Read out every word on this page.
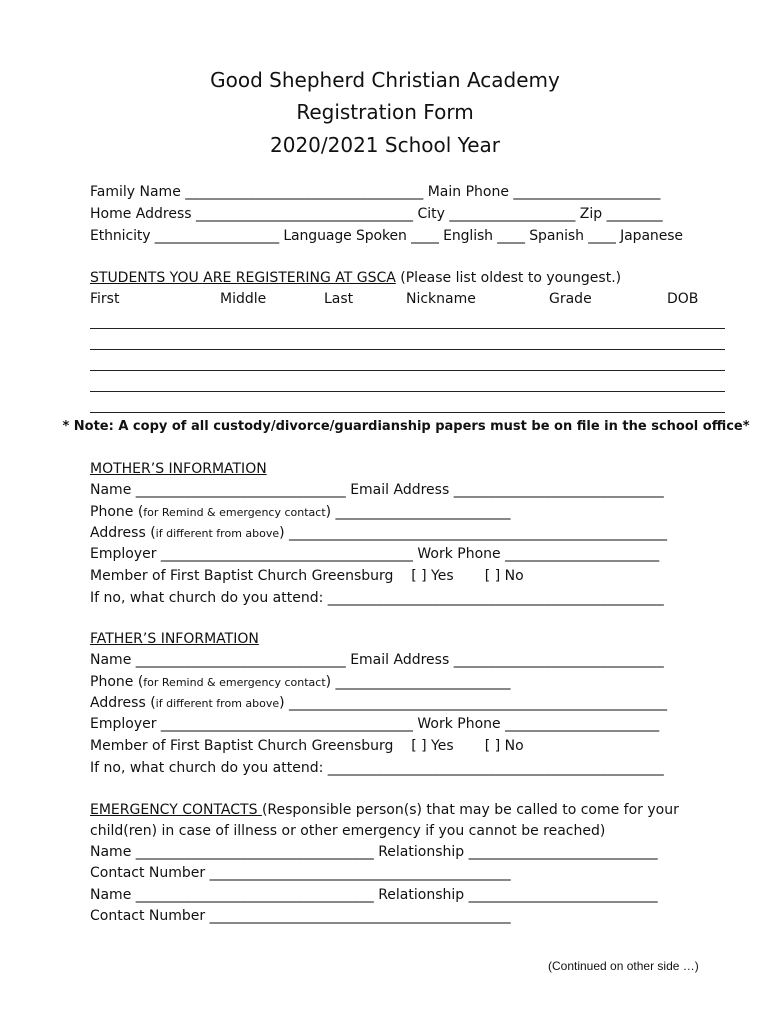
Good Shepherd Christian Academy
Registration Form
2020/2021 School Year
Family Name __________________________________ Main Phone _____________________
Home Address _______________________________ City __________________ Zip ________
Ethnicity __________________ Language Spoken ____ English ____ Spanish ____ Japanese
STUDENTS YOU ARE REGISTERING AT GSCA (Please list oldest to youngest.)
First	Middle	Last	Nickname	Grade	DOB
* Note: A copy of all custody/divorce/guardianship papers must be on file in the school office*
MOTHER’S INFORMATION
Name ______________________________ Email Address ______________________________
Phone (for Remind & emergency contact) _________________________
Address (if different from above) ______________________________________________________
Employer ____________________________________ Work Phone ______________________
Member of First Baptist Church Greensburg    [ ] Yes       [ ] No
If no, what church do you attend: ________________________________________________
FATHER’S INFORMATION
Name ______________________________ Email Address ______________________________
Phone (for Remind & emergency contact) _________________________
Address (if different from above) ______________________________________________________
Employer ____________________________________ Work Phone ______________________
Member of First Baptist Church Greensburg    [ ] Yes       [ ] No
If no, what church do you attend: ________________________________________________
EMERGENCY CONTACTS (Responsible person(s) that may be called to come for your
child(ren) in case of illness or other emergency if you cannot be reached)
Name __________________________________ Relationship ___________________________
Contact Number ___________________________________________
Name __________________________________ Relationship ___________________________
Contact Number ___________________________________________
(Continued on other side …)
